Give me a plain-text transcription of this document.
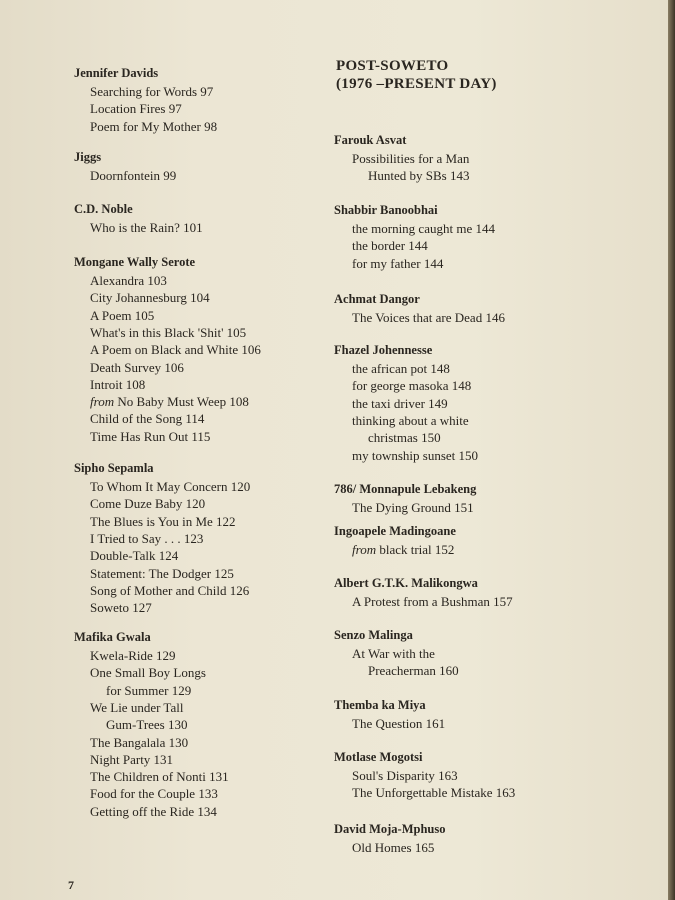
POST-SOWETO
(1976 –PRESENT DAY)
Jennifer Davids
Searching for Words 97
Location Fires 97
Poem for My Mother 98
Jiggs
Doornfontein 99
C.D. Noble
Who is the Rain? 101
Mongane Wally Serote
Alexandra 103
City Johannesburg 104
A Poem 105
What's in this Black 'Shit' 105
A Poem on Black and White 106
Death Survey 106
Introit 108
from No Baby Must Weep 108
Child of the Song 114
Time Has Run Out 115
Sipho Sepamla
To Whom It May Concern 120
Come Duze Baby 120
The Blues is You in Me 122
I Tried to Say . . . 123
Double-Talk 124
Statement: The Dodger 125
Song of Mother and Child 126
Soweto 127
Mafika Gwala
Kwela-Ride 129
One Small Boy Longs
for Summer 129
We Lie under Tall
Gum-Trees 130
The Bangalala 130
Night Party 131
The Children of Nonti 131
Food for the Couple 133
Getting off the Ride 134
Farouk Asvat
Possibilities for a Man
Hunted by SBs 143
Shabbir Banoobhai
the morning caught me 144
the border 144
for my father 144
Achmat Dangor
The Voices that are Dead 146
Fhazel Johennesse
the african pot 148
for george masoka 148
the taxi driver 149
thinking about a white
christmas 150
my township sunset 150
786/ Monnapule Lebakeng
The Dying Ground 151
Ingoapele Madingoane
from black trial 152
Albert G.T.K. Malikongwa
A Protest from a Bushman 157
Senzo Malinga
At War with the
Preacherman 160
Themba ka Miya
The Question 161
Motlase Mogotsi
Soul's Disparity 163
The Unforgettable Mistake 163
David Moja-Mphuso
Old Homes 165
7
